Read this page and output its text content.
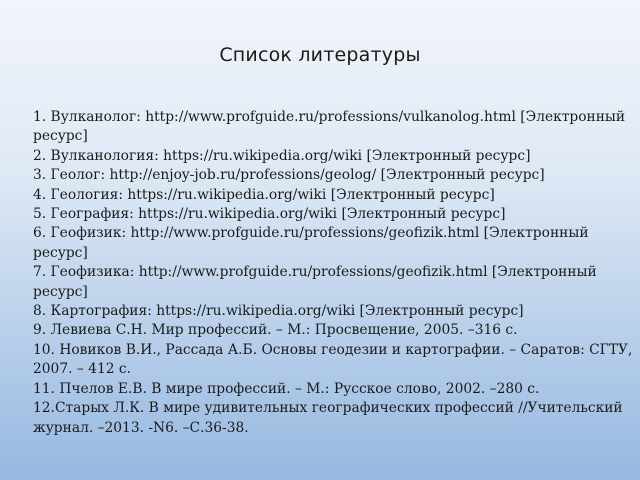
Список литературы
1. Вулканолог: http://www.profguide.ru/professions/vulkanolog.html [Электронный ресурс]
2. Вулканология: https://ru.wikipedia.org/wiki [Электронный ресурс]
3. Геолог: http://enjoy-job.ru/professions/geolog/ [Электронный ресурс]
4. Геология: https://ru.wikipedia.org/wiki [Электронный ресурс]
5. География: https://ru.wikipedia.org/wiki [Электронный ресурс]
6. Геофизик: http://www.profguide.ru/professions/geofizik.html [Электронный ресурс]
7. Геофизика: http://www.profguide.ru/professions/geofizik.html [Электронный ресурс]
8. Картография: https://ru.wikipedia.org/wiki [Электронный ресурс]
9. Левиева С.Н. Мир профессий. – М.: Просвещение, 2005. –316 с.
10. Новиков В.И., Рассада А.Б. Основы геодезии и картографии. – Саратов: СГТУ, 2007. – 412 с.
11. Пчелов Е.В. В мире профессий. – М.: Русское слово, 2002. –280 с.
12.Старых Л.К. В мире удивительных географических профессий //Учительский журнал. –2013. -N6. –С.36-38.
